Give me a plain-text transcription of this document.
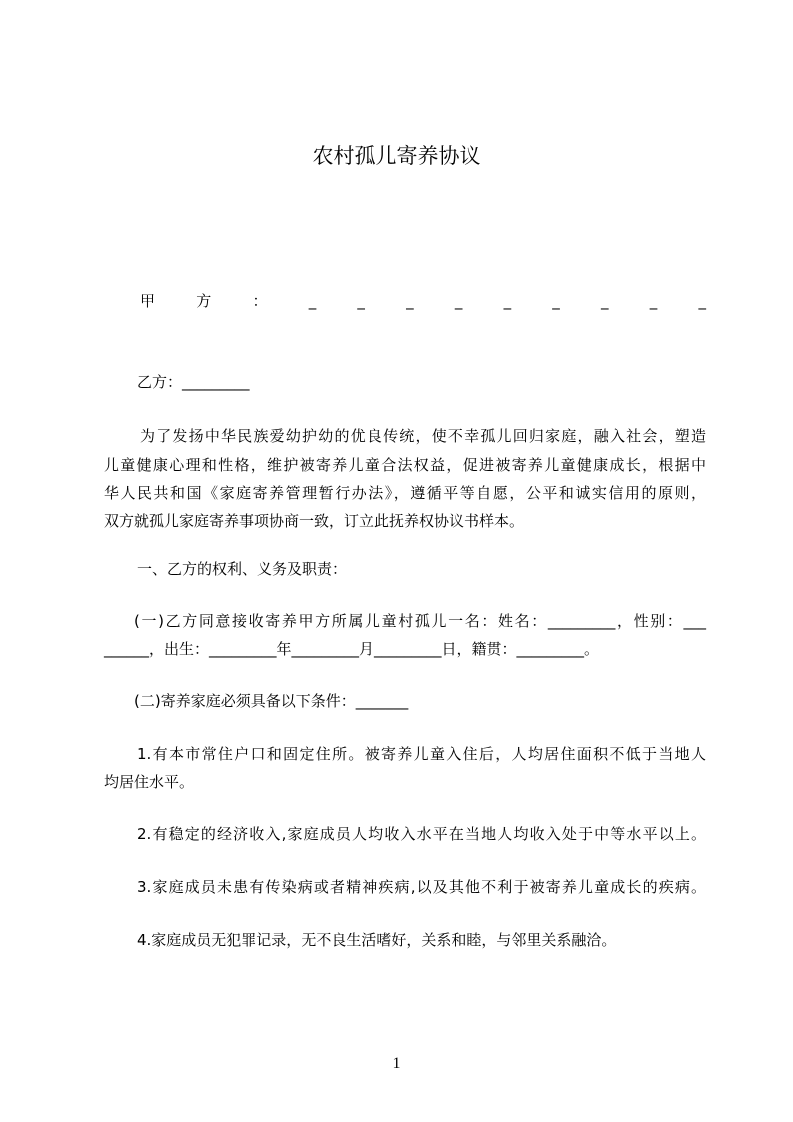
农村孤儿寄养协议
甲	方	：	_	_	_	_	_	_	_	_	_
乙方：_________
为了发扬中华民族爱幼护幼的优良传统，使不幸孤儿回归家庭，融入社会，塑造
儿童健康心理和性格，维护被寄养儿童合法权益，促进被寄养儿童健康成长，根据中
华人民共和国《家庭寄养管理暂行办法》，遵循平等自愿，公平和诚实信用的原则，
双方就孤儿家庭寄养事项协商一致，订立此抚养权协议书样本。
一、乙方的权利、义务及职责：
(一)乙方同意接收寄养甲方所属儿童村孤儿一名：姓名：_________，性别：___
______，出生：_________年_________月_________日，籍贯：_________。
(二)寄养家庭必须具备以下条件：_______
1.有本市常住户口和固定住所。被寄养儿童入住后，人均居住面积不低于当地人
均居住水平。
2.有稳定的经济收入,家庭成员人均收入水平在当地人均收入处于中等水平以上。
3.家庭成员未患有传染病或者精神疾病,以及其他不利于被寄养儿童成长的疾病。
4.家庭成员无犯罪记录，无不良生活嗜好，关系和睦，与邻里关系融洽。
1
